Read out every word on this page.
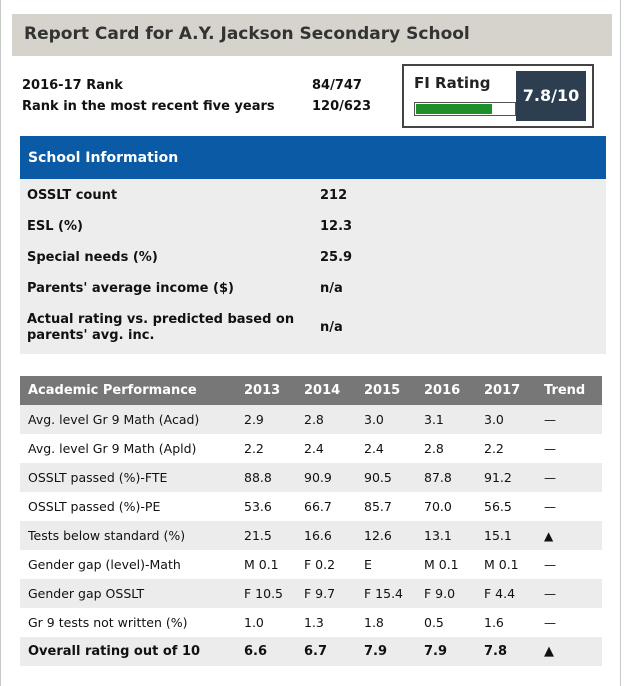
Report Card for A.Y. Jackson Secondary School
2016-17 Rank	84/747
Rank in the most recent five years	120/623
FI Rating
7.8/10
School Information
OSSLT count	212
ESL (%)	12.3
Special needs (%)	25.9
Parents' average income ($)	n/a
Actual rating vs. predicted based on parents' avg. inc.
n/a
Academic Performance	2013	2014	2015	2016	2017	Trend
Avg. level Gr 9 Math (Acad)	2.9	2.8	3.0	3.1	3.0	—
Avg. level Gr 9 Math (Apld)	2.2	2.4	2.4	2.8	2.2	—
OSSLT passed (%)-FTE	88.8	90.9	90.5	87.8	91.2	—
OSSLT passed (%)-PE	53.6	66.7	85.7	70.0	56.5	—
Tests below standard (%)	21.5	16.6	12.6	13.1	15.1	▲
Gender gap (level)-Math	M 0.1	F 0.2	E	M 0.1	M 0.1	—
Gender gap OSSLT	F 10.5	F 9.7	F 15.4	F 9.0	F 4.4	—
Gr 9 tests not written (%)	1.0	1.3	1.8	0.5	1.6	—
Overall rating out of 10	6.6	6.7	7.9	7.9	7.8	▲
